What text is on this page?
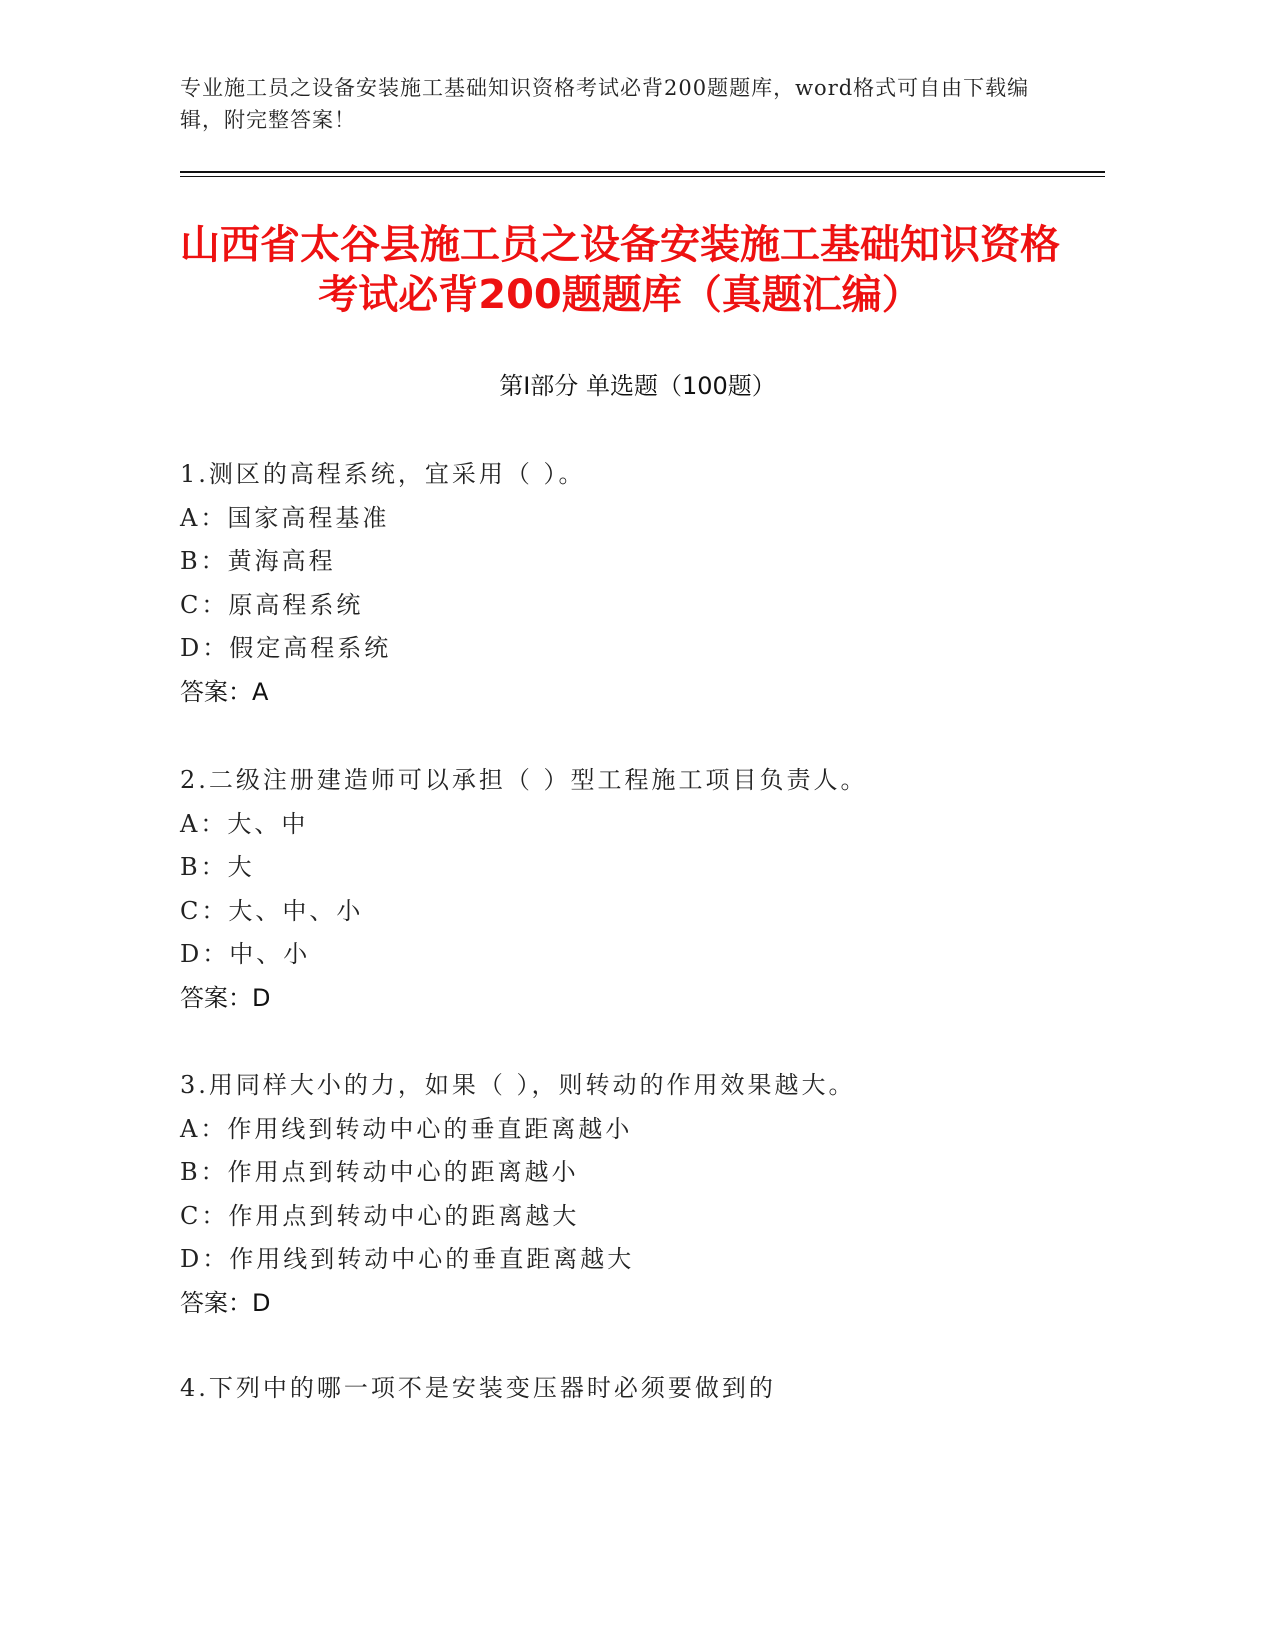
专业施工员之设备安装施工基础知识资格考试必背200题题库，word格式可自由下载编辑，附完整答案！
山西省太谷县施工员之设备安装施工基础知识资格考试必背200题题库（真题汇编）
第I部分 单选题（100题）
1.测区的高程系统，宜采用（ ）。
A：国家高程基准
B：黄海高程
C：原高程系统
D：假定高程系统
答案：A
2.二级注册建造师可以承担（ ）型工程施工项目负责人。
A：大、中
B：大
C：大、中、小
D：中、小
答案：D
3.用同样大小的力，如果（ ），则转动的作用效果越大。
A：作用线到转动中心的垂直距离越小
B：作用点到转动中心的距离越小
C：作用点到转动中心的距离越大
D：作用线到转动中心的垂直距离越大
答案：D
4.下列中的哪一项不是安装变压器时必须要做到的
